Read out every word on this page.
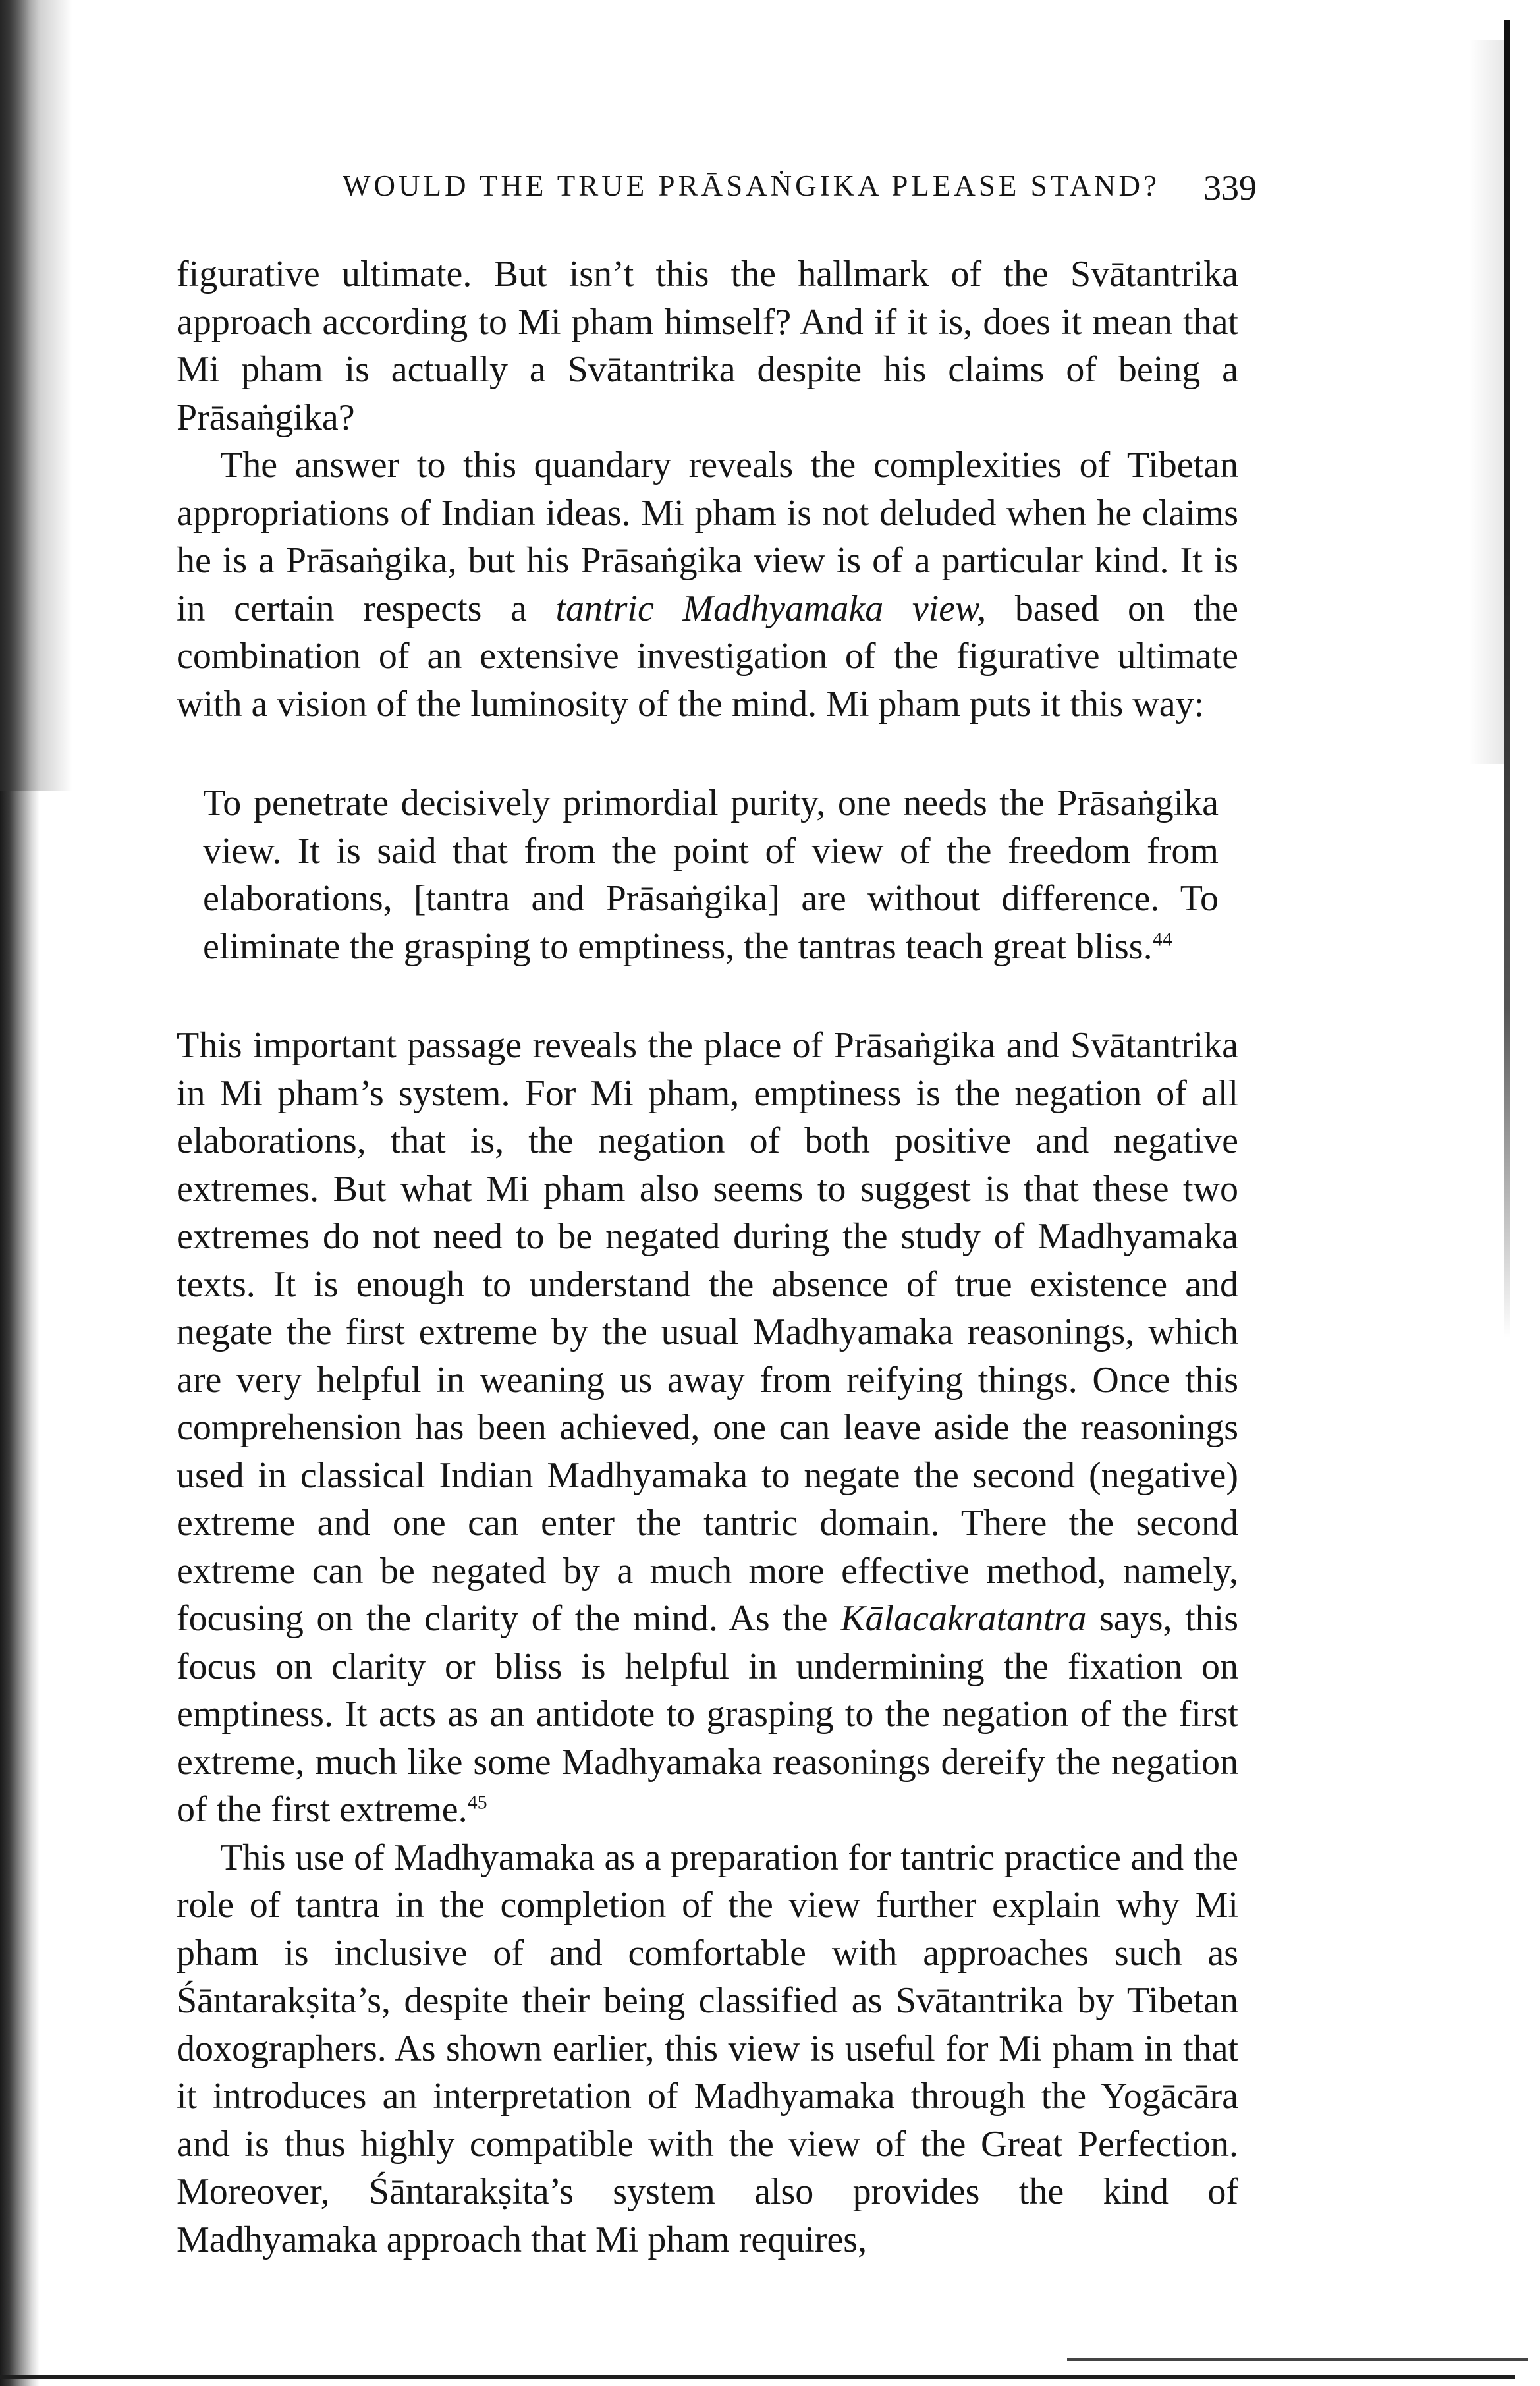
WOULD THE TRUE PRĀSAṄGIKA PLEASE STAND? 339

figurative ultimate. But isn’t this the hallmark of the Svātantrika approach according to Mi pham himself? And if it is, does it mean that Mi pham is actually a Svātantrika despite his claims of being a Prāsaṅgika?

The answer to this quandary reveals the complexities of Tibetan appropriations of Indian ideas. Mi pham is not deluded when he claims he is a Prāsaṅgika, but his Prāsaṅgika view is of a particular kind. It is in certain respects a tantric Madhyamaka view, based on the combination of an extensive investigation of the figurative ultimate with a vision of the luminosity of the mind. Mi pham puts it this way:

To penetrate decisively primordial purity, one needs the Prāsaṅgika view. It is said that from the point of view of the freedom from elaborations, [tantra and Prāsaṅgika] are without difference. To eliminate the grasping to emptiness, the tantras teach great bliss.$^{44}$

This important passage reveals the place of Prāsaṅgika and Svātantrika in Mi pham’s system. For Mi pham, emptiness is the negation of all elaborations, that is, the negation of both positive and negative extremes. But what Mi pham also seems to suggest is that these two extremes do not need to be negated during the study of Madhyamaka texts. It is enough to understand the absence of true existence and negate the first extreme by the usual Madhyamaka reasonings, which are very helpful in weaning us away from reifying things. Once this comprehension has been achieved, one can leave aside the reasonings used in classical Indian Madhyamaka to negate the second (negative) extreme and one can enter the tantric domain. There the second extreme can be negated by a much more effective method, namely, focusing on the clarity of the mind. As the Kālacakratantra says, this focus on clarity or bliss is helpful in undermining the fixation on emptiness. It acts as an antidote to grasping to the negation of the first extreme, much like some Madhyamaka reasonings dereify the negation of the first extreme.$^{45}$

This use of Madhyamaka as a preparation for tantric practice and the role of tantra in the completion of the view further explain why Mi pham is inclusive of and comfortable with approaches such as Śāntarakṣita’s, despite their being classified as Svātantrika by Tibetan doxographers. As shown earlier, this view is useful for Mi pham in that it introduces an interpretation of Madhyamaka through the Yogācāra and is thus highly compatible with the view of the Great Perfection. Moreover, Śāntarakṣita’s system also provides the kind of Madhyamaka approach that Mi pham requires,
